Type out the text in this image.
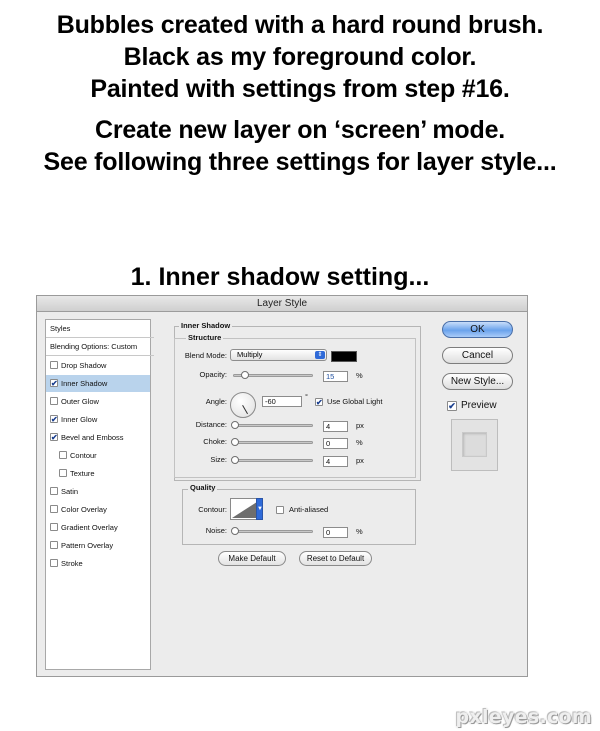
Bubbles created with a hard round brush.
Black as my foreground color.
Painted with settings from step #16.
Create new layer on ‘screen’ mode.
See following three settings for layer style...
1. Inner shadow setting...
Layer Style
Styles
Blending Options: Custom
Drop Shadow
✔ Inner Shadow
Outer Glow
✔ Inner Glow
✔ Bevel and Emboss
Contour
Texture
Satin
Color Overlay
Gradient Overlay
Pattern Overlay
Stroke
Inner Shadow
Structure
Blend Mode:	Multiply	⇕
Opacity:	15	%
Angle:	-60
°
✔ Use Global Light
Distance:	4	px
Choke:	0	%
Size:	4	px
Quality
Contour:	▼	Anti-aliased
Noise:	0	%
Make Default	Reset to Default
OK
Cancel
New Style...
✔ Preview
pxleyes.com
